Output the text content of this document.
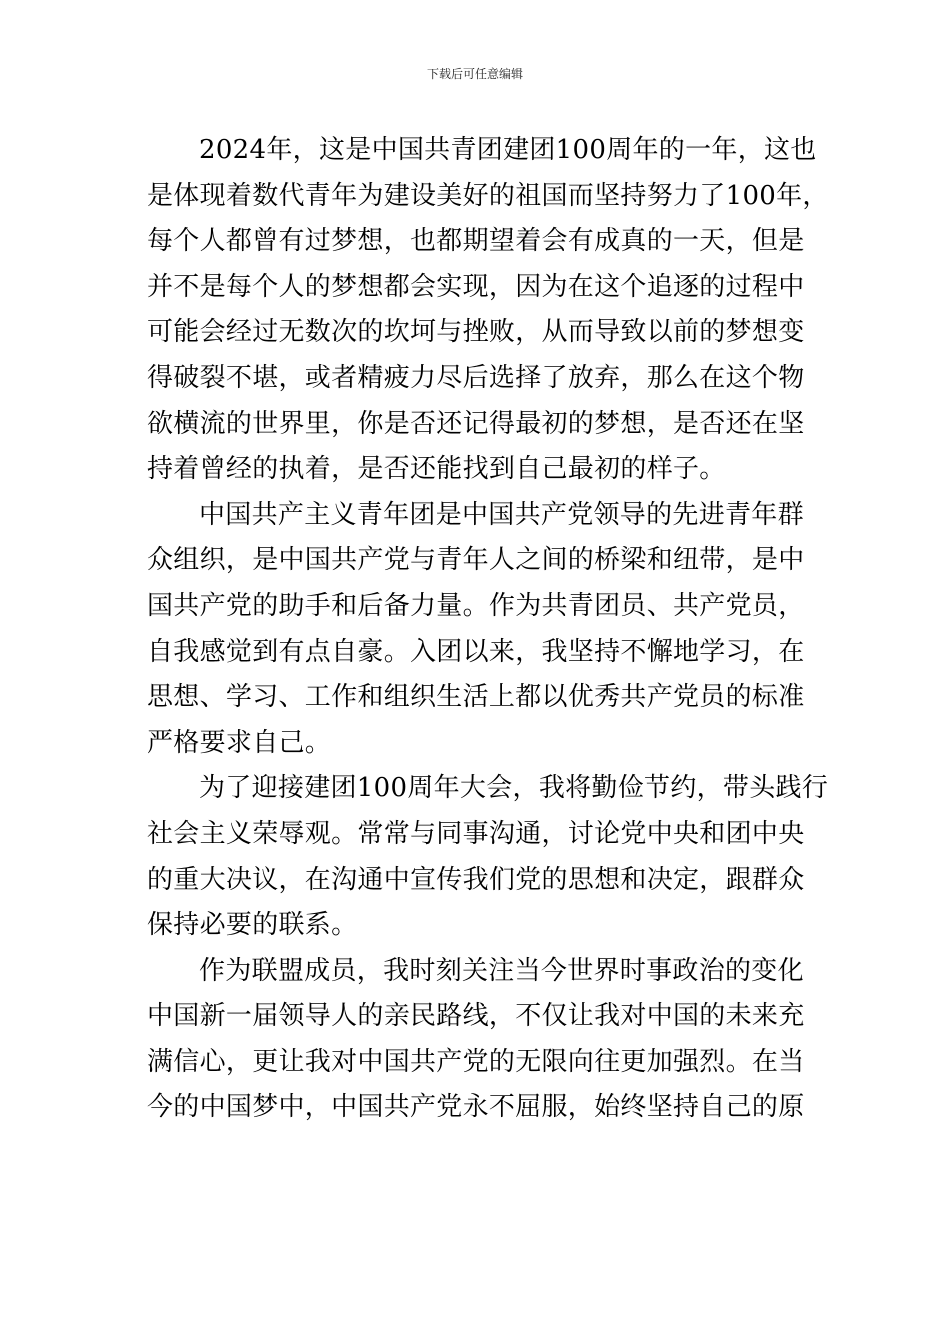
下载后可任意编辑
2024年，这是中国共青团建团100周年的一年，这也
是体现着数代青年为建设美好的祖国而坚持努力了100年，
每个人都曾有过梦想，也都期望着会有成真的一天，但是
并不是每个人的梦想都会实现，因为在这个追逐的过程中
可能会经过无数次的坎坷与挫败，从而导致以前的梦想变
得破裂不堪，或者精疲力尽后选择了放弃，那么在这个物
欲横流的世界里，你是否还记得最初的梦想，是否还在坚
持着曾经的执着，是否还能找到自己最初的样子。
中国共产主义青年团是中国共产党领导的先进青年群
众组织，是中国共产党与青年人之间的桥梁和纽带，是中
国共产党的助手和后备力量。作为共青团员、共产党员，
自我感觉到有点自豪。入团以来，我坚持不懈地学习，在
思想、学习、工作和组织生活上都以优秀共产党员的标准
严格要求自己。
为了迎接建团100周年大会，我将勤俭节约，带头践行
社会主义荣辱观。常常与同事沟通，讨论党中央和团中央
的重大决议，在沟通中宣传我们党的思想和决定，跟群众
保持必要的联系。
作为联盟成员，我时刻关注当今世界时事政治的变化
中国新一届领导人的亲民路线，不仅让我对中国的未来充
满信心，更让我对中国共产党的无限向往更加强烈。在当
今的中国梦中，中国共产党永不屈服，始终坚持自己的原
